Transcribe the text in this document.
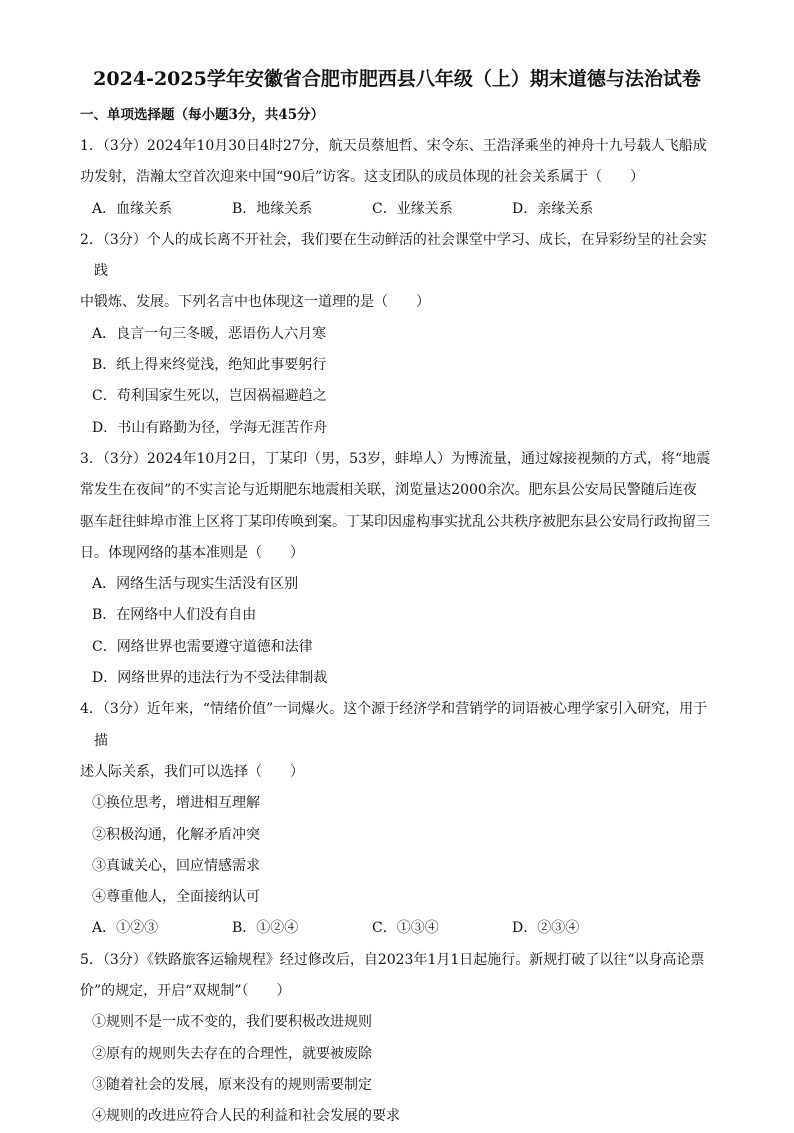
2024-2025学年安徽省合肥市肥西县八年级（上）期末道德与法治试卷
一、单项选择题（每小题3分，共45分）

1．（3分）2024年10月30日4时27分，航天员蔡旭哲、宋令东、王浩泽乘坐的神舟十九号载人飞船成

功发射，浩瀚太空首次迎来中国“90后”访客。这支团队的成员体现的社会关系属于（　　）

A．血缘关系	B．地缘关系	C．业缘关系	D．亲缘关系

2．（3分）个人的成长离不开社会，我们要在生动鲜活的社会课堂中学习、成长，在异彩纷呈的社会实践

中锻炼、发展。下列名言中也体现这一道理的是（　　）

A．良言一句三冬暖，恶语伤人六月寒

B．纸上得来终觉浅，绝知此事要躬行

C．苟利国家生死以，岂因祸福避趋之

D．书山有路勤为径，学海无涯苦作舟

3．（3分）2024年10月2日，丁某印（男，53岁，蚌埠人）为博流量，通过嫁接视频的方式，将“地震

常发生在夜间”的不实言论与近期肥东地震相关联，浏览量达2000余次。肥东县公安局民警随后连夜

驱车赶往蚌埠市淮上区将丁某印传唤到案。丁某印因虚构事实扰乱公共秩序被肥东县公安局行政拘留三

日。体现网络的基本准则是（　　）

A．网络生活与现实生活没有区别

B．在网络中人们没有自由

C．网络世界也需要遵守道德和法律

D．网络世界的违法行为不受法律制裁

4．（3分）近年来，“情绪价值”一词爆火。这个源于经济学和营销学的词语被心理学家引入研究，用于描

述人际关系，我们可以选择（　　）

①换位思考，增进相互理解

②积极沟通，化解矛盾冲突

③真诚关心，回应情感需求

④尊重他人，全面接纳认可

A．①②③	B．①②④	C．①③④	D．②③④

5．（3分）《铁路旅客运输规程》经过修改后，自2023年1月1日起施行。新规打破了以往“以身高论票

价”的规定，开启“双规制”（　　）

①规则不是一成不变的，我们要积极改进规则

②原有的规则失去存在的合理性，就要被废除

③随着社会的发展，原来没有的规则需要制定

④规则的改进应符合人民的利益和社会发展的要求
